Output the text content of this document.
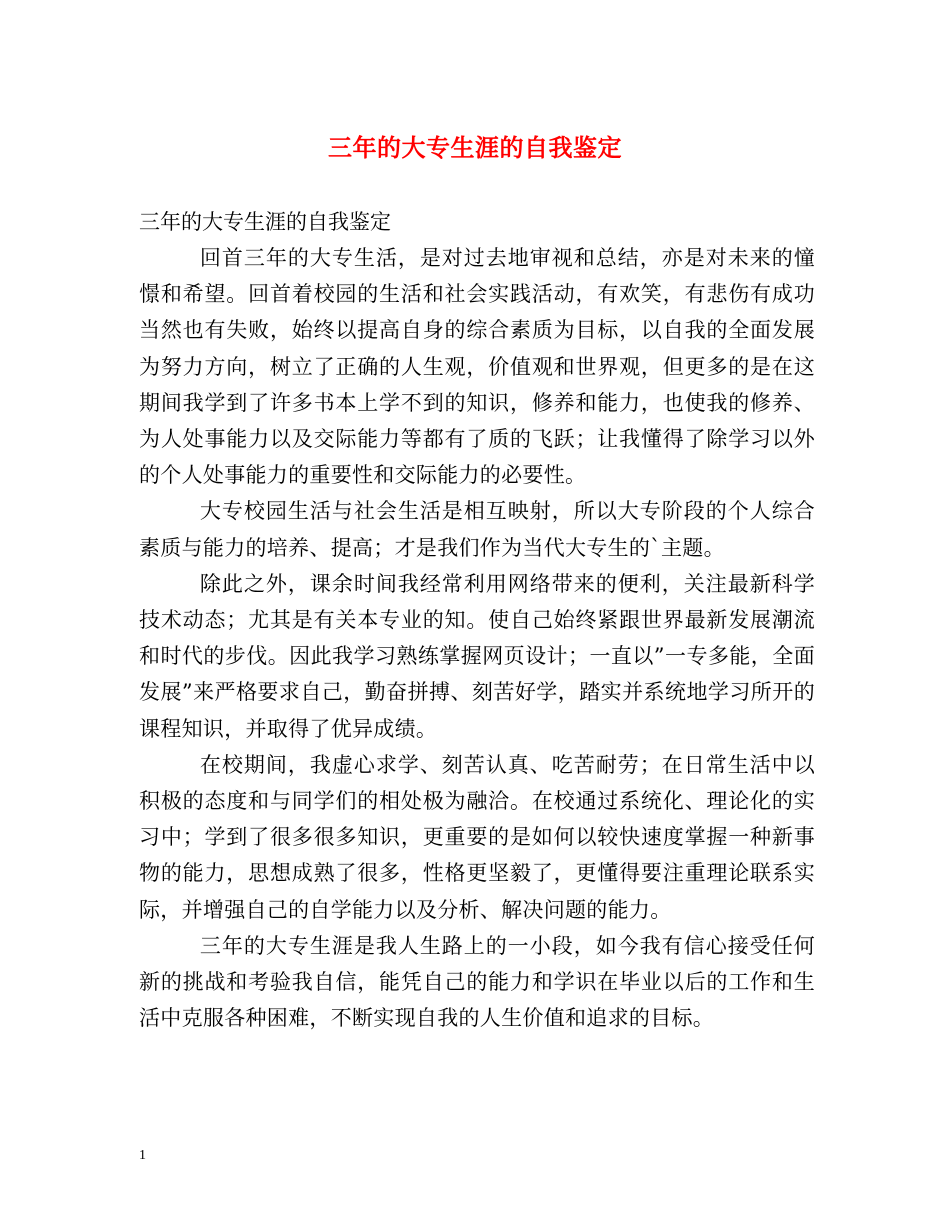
三年的大专生涯的自我鉴定

三年的大专生涯的自我鉴定

回首三年的大专生活，是对过去地审视和总结，亦是对未来的憧憬和希望。回首着校园的生活和社会实践活动，有欢笑，有悲伤有成功当然也有失败，始终以提高自身的综合素质为目标，以自我的全面发展为努力方向，树立了正确的人生观，价值观和世界观，但更多的是在这期间我学到了许多书本上学不到的知识，修养和能力，也使我的修养、为人处事能力以及交际能力等都有了质的飞跃；让我懂得了除学习以外的个人处事能力的重要性和交际能力的必要性。

大专校园生活与社会生活是相互映射，所以大专阶段的个人综合素质与能力的培养、提高；才是我们作为当代大专生的`主题。

除此之外，课余时间我经常利用网络带来的便利，关注最新科学技术动态；尤其是有关本专业的知。使自己始终紧跟世界最新发展潮流和时代的步伐。因此我学习熟练掌握网页设计；一直以”一专多能，全面发展”来严格要求自己，勤奋拼搏、刻苦好学，踏实并系统地学习所开的课程知识，并取得了优异成绩。

在校期间，我虚心求学、刻苦认真、吃苦耐劳；在日常生活中以积极的态度和与同学们的相处极为融洽。在校通过系统化、理论化的实习中；学到了很多很多知识，更重要的是如何以较快速度掌握一种新事物的能力，思想成熟了很多，性格更坚毅了，更懂得要注重理论联系实际，并增强自己的自学能力以及分析、解决问题的能力。

三年的大专生涯是我人生路上的一小段，如今我有信心接受任何新的挑战和考验我自信，能凭自己的能力和学识在毕业以后的工作和生活中克服各种困难，不断实现自我的人生价值和追求的目标。

1
